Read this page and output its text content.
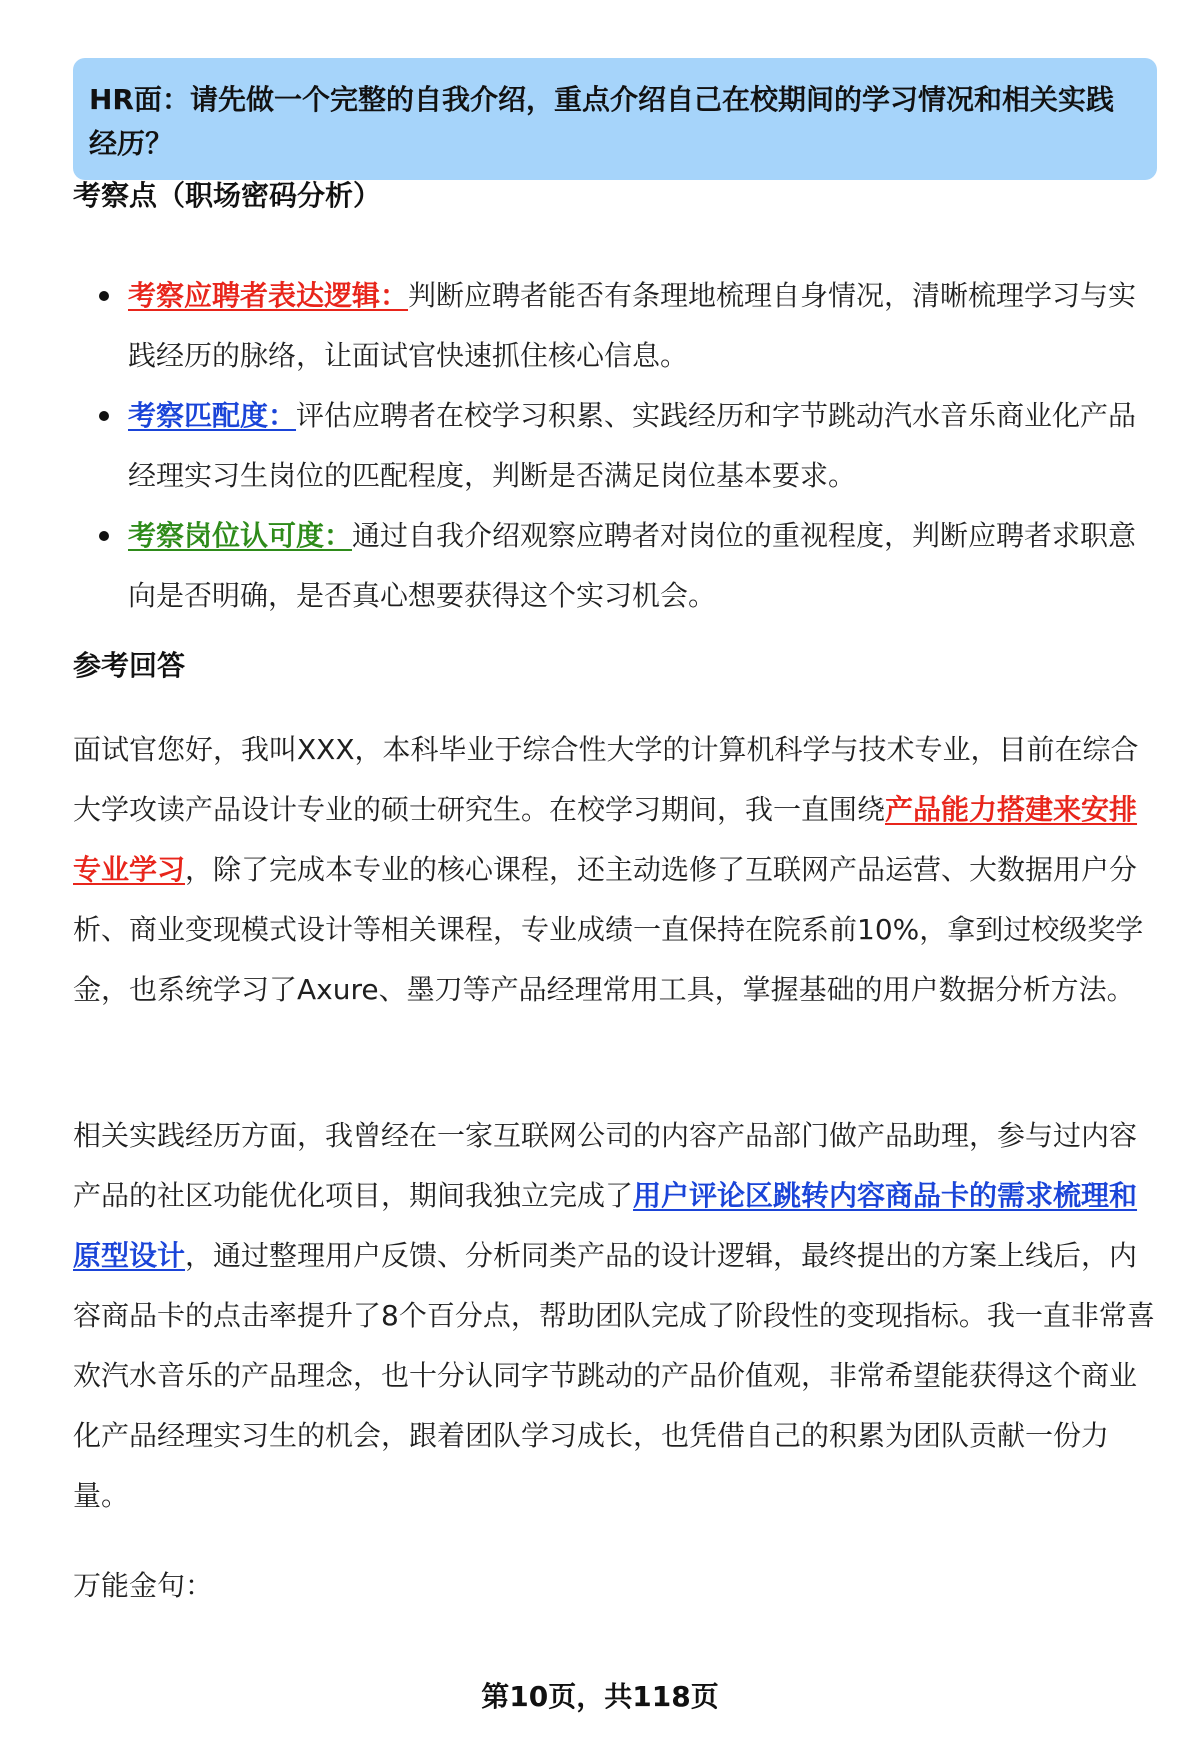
HR面：请先做一个完整的自我介绍，重点介绍自己在校期间的学习情况和相关实践经历？
考察点（职场密码分析）
考察应聘者表达逻辑：判断应聘者能否有条理地梳理自身情况，清晰梳理学习与实践经历的脉络，让面试官快速抓住核心信息。
考察匹配度：评估应聘者在校学习积累、实践经历和字节跳动汽水音乐商业化产品经理实习生岗位的匹配程度，判断是否满足岗位基本要求。
考察岗位认可度：通过自我介绍观察应聘者对岗位的重视程度，判断应聘者求职意向是否明确，是否真心想要获得这个实习机会。
参考回答
面试官您好，我叫XXX，本科毕业于综合性大学的计算机科学与技术专业，目前在综合大学攻读产品设计专业的硕士研究生。在校学习期间，我一直围绕产品能力搭建来安排专业学习，除了完成本专业的核心课程，还主动选修了互联网产品运营、大数据用户分析、商业变现模式设计等相关课程，专业成绩一直保持在院系前10%，拿到过校级奖学金，也系统学习了Axure、墨刀等产品经理常用工具，掌握基础的用户数据分析方法。
相关实践经历方面，我曾经在一家互联网公司的内容产品部门做产品助理，参与过内容产品的社区功能优化项目，期间我独立完成了用户评论区跳转内容商品卡的需求梳理和原型设计，通过整理用户反馈、分析同类产品的设计逻辑，最终提出的方案上线后，内容商品卡的点击率提升了8个百分点，帮助团队完成了阶段性的变现指标。我一直非常喜欢汽水音乐的产品理念，也十分认同字节跳动的产品价值观，非常希望能获得这个商业化产品经理实习生的机会，跟着团队学习成长，也凭借自己的积累为团队贡献一份力量。
万能金句：
第10页，共118页
